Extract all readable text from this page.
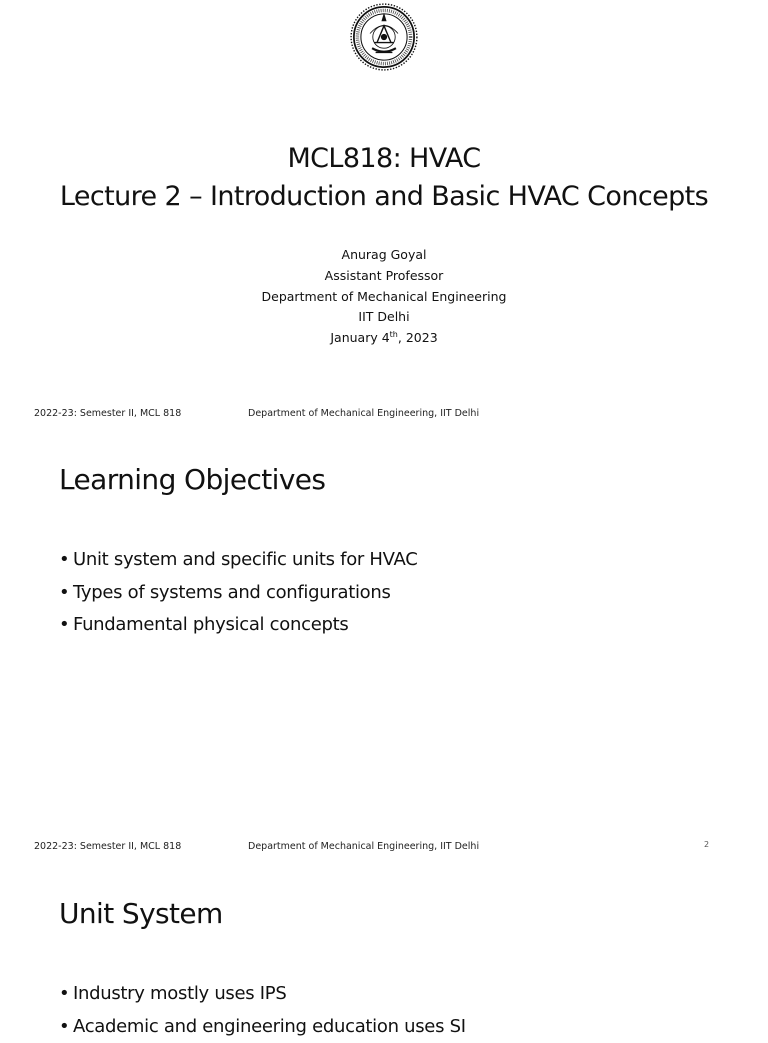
MCL818: HVAC
Lecture 2 – Introduction and Basic HVAC Concepts
Anurag Goyal
Assistant Professor
Department of Mechanical Engineering
IIT Delhi
January 4th, 2023
2022-23: Semester II, MCL 818	Department of Mechanical Engineering, IIT Delhi
Learning Objectives
• Unit system and specific units for HVAC
• Types of systems and configurations
• Fundamental physical concepts
2022-23: Semester II, MCL 818	Department of Mechanical Engineering, IIT Delhi	2
Unit System
• Industry mostly uses IPS
• Academic and engineering education uses SI
